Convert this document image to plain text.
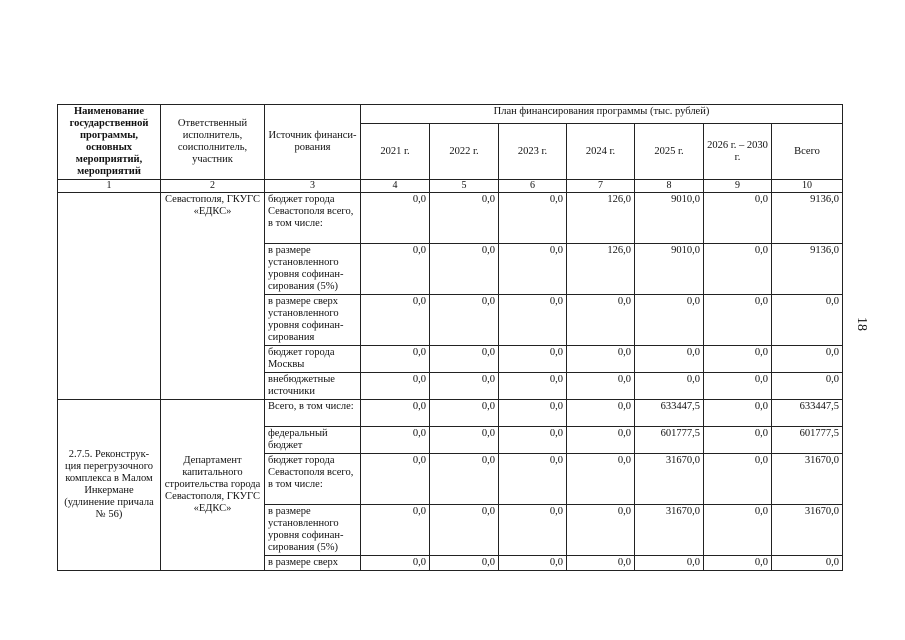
Наименование государственной программы, основных мероприятий, мероприятий	Ответственный исполнитель, соисполнитель, участник	Источник финанси-рования	План финансирования программы (тыс. рублей)						
			2021 г.	2022 г.	2023 г.	2024 г.	2025 г.	2026 г. – 2030 г.	Всего
1	2	3	4	5	6	7	8	9	10
	Севастополя, ГКУГС «ЕДКС»	бюджет города Севастополя всего, в том числе:	0,0	0,0	0,0	126,0	9010,0	0,0	9136,0
		в размере установленного уровня софинан-сирования (5%)	0,0	0,0	0,0	126,0	9010,0	0,0	9136,0
		в размере сверх установленного уровня софинан-сирования	0,0	0,0	0,0	0,0	0,0	0,0	0,0
		бюджет города Москвы	0,0	0,0	0,0	0,0	0,0	0,0	0,0
		внебюджетные источники	0,0	0,0	0,0	0,0	0,0	0,0	0,0
2.7.5. Реконструк-ция перегрузочного комплекса в Малом Инкермане (удлинение причала № 56)	Департамент капитального строительства города Севастополя, ГКУГС «ЕДКС»	Всего, в том числе:	0,0	0,0	0,0	0,0	633447,5	0,0	633447,5
		федеральный бюджет	0,0	0,0	0,0	0,0	601777,5	0,0	601777,5
		бюджет города Севастополя всего, в том числе:	0,0	0,0	0,0	0,0	31670,0	0,0	31670,0
		в размере установленного уровня софинан-сирования (5%)	0,0	0,0	0,0	0,0	31670,0	0,0	31670,0
		в размере сверх	0,0	0,0	0,0	0,0	0,0	0,0	0,0
18
